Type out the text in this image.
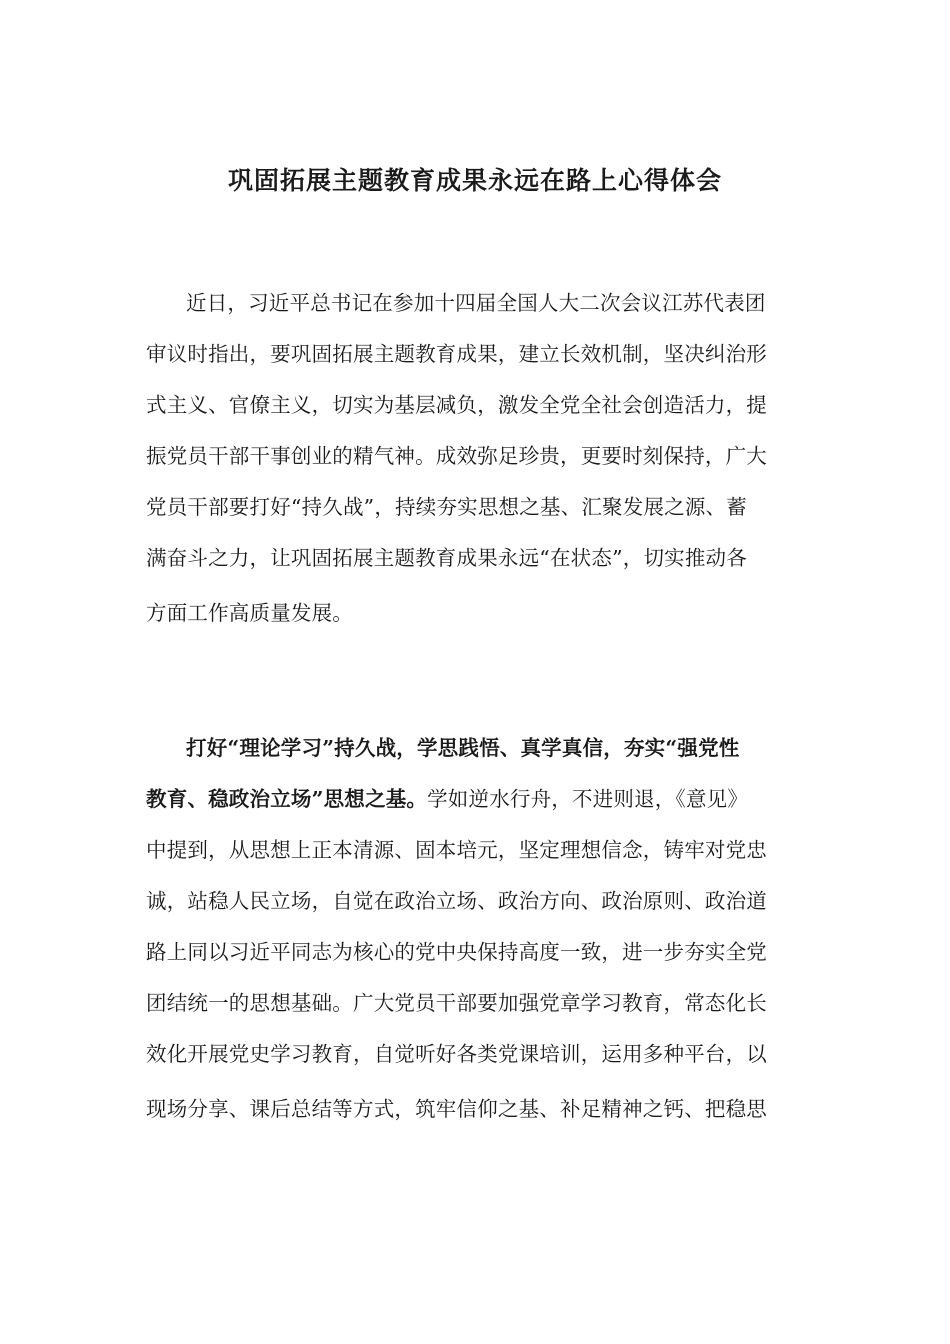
巩固拓展主题教育成果永远在路上心得体会
近日，习近平总书记在参加十四届全国人大二次会议江苏代表团
审议时指出，要巩固拓展主题教育成果，建立长效机制，坚决纠治形
式主义、官僚主义，切实为基层减负，激发全党全社会创造活力，提
振党员干部干事创业的精气神。成效弥足珍贵，更要时刻保持，广大
党员干部要打好“持久战”，持续夯实思想之基、汇聚发展之源、蓄
满奋斗之力，让巩固拓展主题教育成果永远“在状态”，切实推动各
方面工作高质量发展。
打好“理论学习”持久战，学思践悟、真学真信，夯实“强党性
教育、稳政治立场”思想之基。学如逆水行舟，不进则退，《意见》
中提到，从思想上正本清源、固本培元，坚定理想信念，铸牢对党忠
诚，站稳人民立场，自觉在政治立场、政治方向、政治原则、政治道
路上同以习近平同志为核心的党中央保持高度一致，进一步夯实全党
团结统一的思想基础。广大党员干部要加强党章学习教育，常态化长
效化开展党史学习教育，自觉听好各类党课培训，运用多种平台，以
现场分享、课后总结等方式，筑牢信仰之基、补足精神之钙、把稳思
